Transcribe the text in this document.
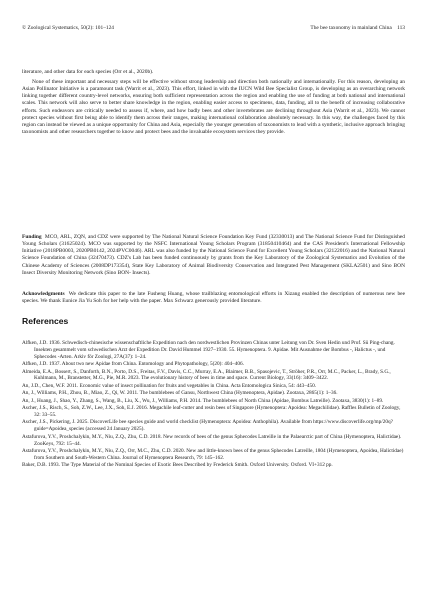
© Zoological Systematics, 50(2): 101–124	The bee taxonomy in mainland China 113

literature, and other data for each species (Orr et al., 2020b).

None of these important and necessary steps will be effective without strong leadership and direction both nationally and internationally. For this reason, developing an Asian Pollinator Initiative is a paramount task (Warrit et al., 2023). This effort, linked in with the IUCN Wild Bee Specialist Group, is developing as an overarching network linking together different country-level networks, ensuring both sufficient representation across the region and enabling the use of funding at both national and international scales. This network will also serve to better share knowledge in the region, enabling easier access to specimens, data, funding, all to the benefit of increasing collaborative efforts. Such endeavors are critically needed to assess if, where, and how badly bees and other invertebrates are declining throughout Asia (Warrit et al., 2023). We cannot protect species without first being able to identify them across their ranges, making international collaboration absolutely necessary. In this way, the challenges faced by this region can instead be viewed as a unique opportunity for China and Asia, especially the younger generation of taxonomists to lead with a synthetic, inclusive approach bringing taxonomists and other researchers together to know and protect bees and the invaluable ecosystem services they provide.

Funding MCO, ARL, ZQN, and CDZ were supported by The National Natural Science Foundation Key Fund (32330013) and The National Science Fund for Distinguished Young Scholars (31625024). MCO was supported by the NSFC International Young Scholars Program (31850410464) and the CAS President's International Fellowship Initiative (2018PB0003, 2020PB0142, 2024PVC0046). ARL was also funded by the National Science Fund for Excellent Young Scholars (32122016) and the National Natural Science Foundation of China (32470473). CDZ's Lab has been funded continuously by grants from the Key Laboratory of the Zoological Systematics and Evolution of the Chinese Academy of Sciences (2008DP173354), State Key Laboratory of Animal Biodiversity Conservation and Integrated Pest Management (SKLA2501) and Sino BON Insect Diversity Monitoring Network (Sino BON- Insects).

Acknowledgments We dedicate this paper to the late Fusheng Huang, whose trailblazing entomological efforts in Xizang enabled the description of numerous new bee species. We thank Eunice Jia Yu Soh for her help with the paper. Max Schwarz generously provided literature.

References

Alfken, J.D. 1936. Schwedisch-chinesische wissenschaftliche Expedition nach den nordwestlichen Provinzen Chinas unter Leitung von Dr. Sven Hedin und Prof. Sü Ping-chang. Insekten gesammelt vom schwedischen Arzt der Expedition Dr. David Hummel 1927–1930. 55. Hymenoptera. 9. Apidae. Mit Ausnahme der Bombus -, Halictus -, und Sphecodes -Arten. Arkiv för Zoologi, 27A(37): 1–24.

Alfken, J.D. 1937. About two new Apidae from China. Entomology and Phytopathology, 5(20): 404–406.

Almeida, E.A., Bossert, S., Danforth, B.N., Porto, D.S., Freitas, F.V., Davis, C.C., Murray, E.A., Blaimer, B.B., Spasojevic, T., Ströher, P.R., Orr, M.C., Packer, L., Brady, S.G., Kuhlmann, M., Branstetter, M.G., Pie, M.R. 2023. The evolutionary history of bees in time and space. Current Biology, 33(16): 3409–3422.

An, J.D., Chen, W.F. 2011. Economic value of insect pollination for fruits and vegetables in China. Acta Entomologica Sinica, 54: 443–450.

An, J., Williams, P.H., Zhou, B., Miao, Z., Qi, W. 2011. The bumblebees of Gansu, Northwest China (Hymenoptera, Apidae). Zootaxa, 2865(1): 1–36.

An, J., Huang, J., Shao, Y., Zhang, S., Wang, B., Liu, X., Wu, J., Williams, P.H. 2014. The bumblebees of North China (Apidae, Bombus Latreille). Zootaxa, 3830(1): 1–89.

Ascher, J.S., Risch, S., Soh, Z.W., Lee, J.X., Soh, E.J. 2016. Megachile leaf-cutter and resin bees of Singapore (Hymenoptera: Apoidea: Megachilidae). Raffles Bulletin of Zoology, 32: 33–55.

Ascher, J.S., Pickering, J. 2025. DiscoverLife bee species guide and world checklist (Hymenoptera: Apoidea: Anthophila). Available from https://www.discoverlife.org/mp/20q?guide=Apoidea_species (accessed 24 January 2025).

Astafurova, Y.V., Proshchalykin, M.Y., Niu, Z.Q., Zhu, C.D. 2018. New records of bees of the genus Sphecodes Latreille in the Palaearctic part of China (Hymenoptera, Halictidae). ZooKeys, 792: 15–44.

Astafurova, Y.V., Proshchalykin, M.Y., Niu, Z.Q., Orr, M.C., Zhu, C.D. 2020. New and little-known bees of the genus Sphecodes Latreille, 1804 (Hymenoptera, Apoidea, Halictidae) from Southern and South-Western China. Journal of Hymenoptera Research, 79: 145–162.

Baker, D.B. 1993. The Type Material of the Nominal Species of Exotic Bees Described by Frederick Smith. Oxford University. Oxford. VI+312 pp.
